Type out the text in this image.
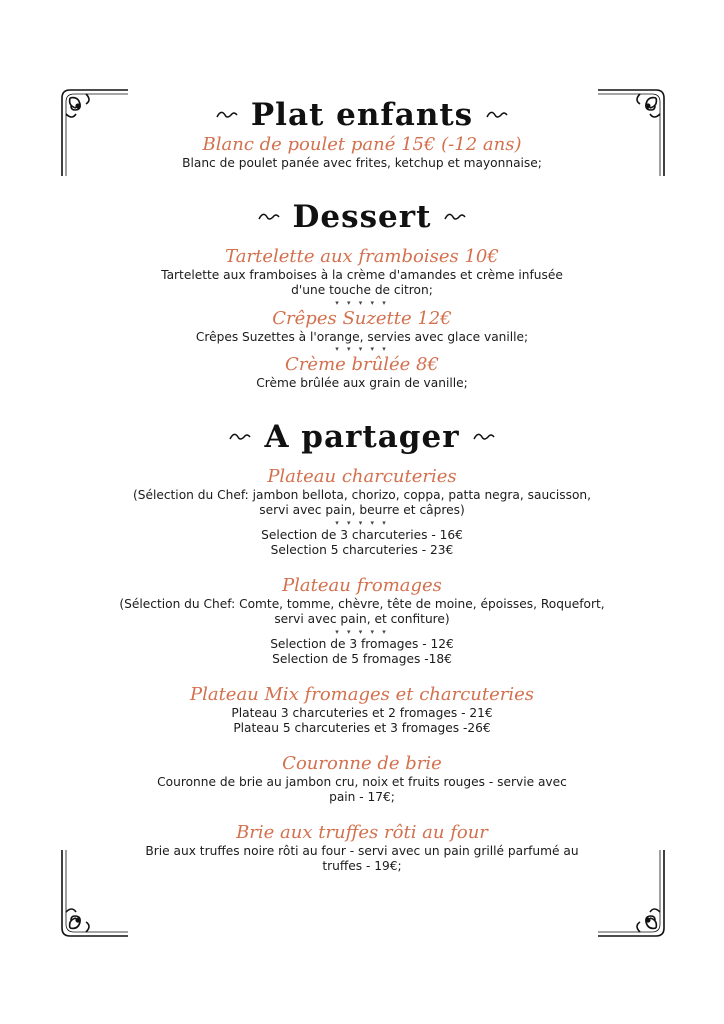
Plat enfants

Blanc de poulet pané 15€ (-12 ans)

Blanc de poulet panée avec frites, ketchup et mayonnaise;

Dessert

Tartelette aux framboises 10€

Tartelette aux framboises à la crème d'amandes et crème infusée

d'une touche de citron;

▾ ▾ ▾ ▾ ▾

Crêpes Suzette 12€

Crêpes Suzettes à l'orange, servies avec glace vanille;

▾ ▾ ▾ ▾ ▾

Crème brûlée 8€

Crème brûlée aux grain de vanille;

A partager

Plateau charcuteries

(Sélection du Chef: jambon bellota, chorizo, coppa, patta negra, saucisson,

servi avec pain, beurre et câpres)

▾ ▾ ▾ ▾ ▾

Selection de 3 charcuteries - 16€

Selection 5 charcuteries - 23€

Plateau fromages

(Sélection du Chef: Comte, tomme, chèvre, tête de moine, époisses, Roquefort,

servi avec pain, et confiture)

▾ ▾ ▾ ▾ ▾

Selection de 3 fromages - 12€

Selection de 5 fromages -18€

Plateau Mix fromages et charcuteries

Plateau 3 charcuteries et 2 fromages - 21€

Plateau 5 charcuteries et 3 fromages -26€

Couronne de brie

Couronne de brie au jambon cru, noix et fruits rouges - servie avec

pain - 17€;

Brie aux truffes rôti au four

Brie aux truffes noire rôti au four - servi avec un pain grillé parfumé au

truffes - 19€;
